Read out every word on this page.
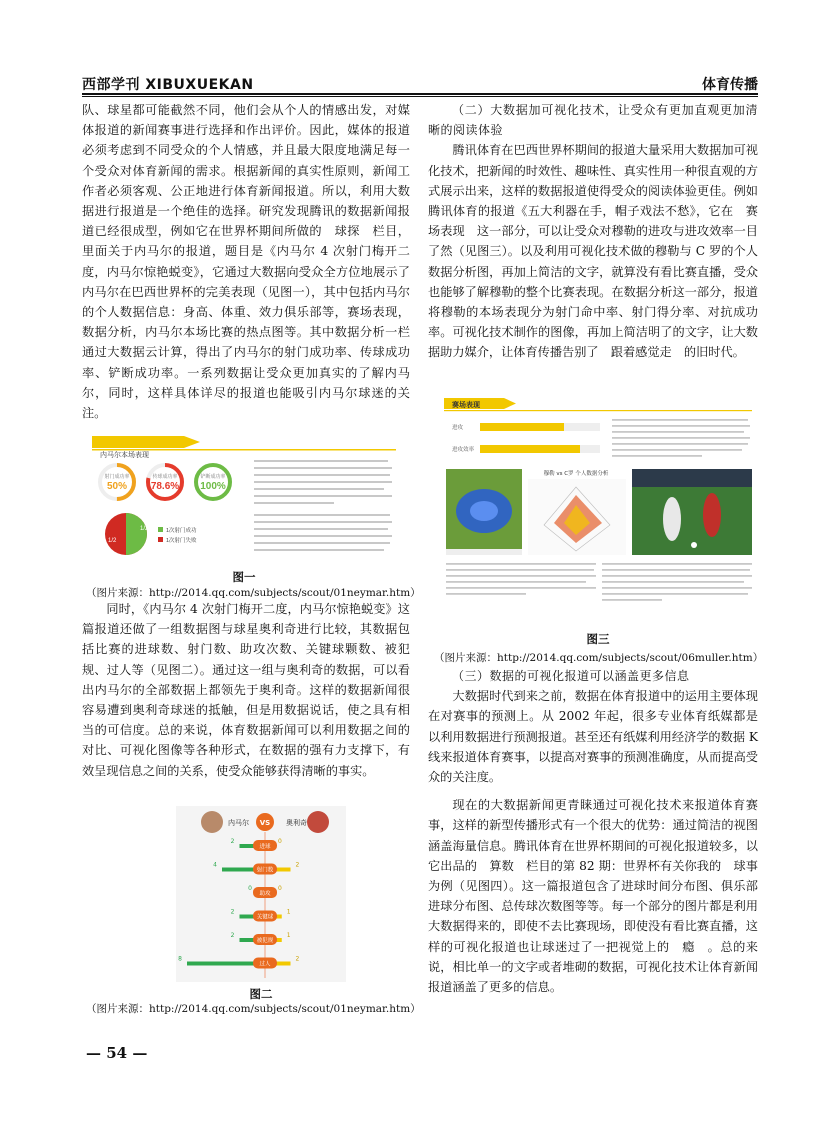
西部学刊 XIBUXUEKAN	体育传播

队、球星都可能截然不同，他们会从个人的情感出发，对媒体报道的新闻赛事进行选择和作出评价。因此，媒体的报道必须考虑到不同受众的个人情感，并且最大限度地满足每一个受众对体育新闻的需求。根据新闻的真实性原则，新闻工作者必须客观、公正地进行体育新闻报道。所以，利用大数据进行报道是一个绝佳的选择。研究发现腾讯的数据新闻报道已经很成型，例如它在世界杯期间所做的　球探　栏目，里面关于内马尔的报道，题目是《内马尔 4 次射门梅开二度，内马尔惊艳蜕变》，它通过大数据向受众全方位地展示了内马尔在巴西世界杯的完美表现（见图一），其中包括内马尔的个人数据信息：身高、体重、效力俱乐部等，赛场表现，数据分析，内马尔本场比赛的热点图等。其中数据分析一栏通过大数据云计算，得出了内马尔的射门成功率、传球成功率、铲断成功率。一系列数据让受众更加真实的了解内马尔，同时，这样具体详尽的报道也能吸引内马尔球迷的关注。

内马尔本场表现
射门成功率
50%
传球成功率
78.6%
铲断成功率
100%
1/2
1/2
1次射门成功
1次射门失败
图一
（图片来源：http://2014.qq.com/subjects/scout/01neymar.htm）

同时，《内马尔 4 次射门梅开二度，内马尔惊艳蜕变》这篇报道还做了一组数据图与球星奥利奇进行比较，其数据包括比赛的进球数、射门数、助攻次数、关键球颗数、被犯规、过人等（见图二）。通过这一组与奥利奇的数据，可以看出内马尔的全部数据上都领先于奥利奇。这样的数据新闻很容易遭到奥利奇球迷的抵触，但是用数据说话，使之具有相当的可信度。总的来说，体育数据新闻可以利用数据之间的对比、可视化图像等各种形式，在数据的强有力支撑下，有效呈现信息之间的关系，使受众能够获得清晰的事实。

内马尔	奥利奇
VS
2	0
进球
4	2
射门数
0	0
助攻
2	1
关键球
2	1
被犯规
8	2
过人
图二
（图片来源：http://2014.qq.com/subjects/scout/01neymar.htm）

（二）大数据加可视化技术，让受众有更加直观更加清晰的阅读体验

腾讯体育在巴西世界杯期间的报道大量采用大数据加可视化技术，把新闻的时效性、趣味性、真实性用一种很直观的方式展示出来，这样的数据报道使得受众的阅读体验更佳。例如腾讯体育的报道《五大利器在手，帽子戏法不愁》，它在　赛场表现　这一部分，可以让受众对穆勒的进攻与进攻效率一目了然（见图三）。以及利用可视化技术做的穆勒与 C 罗的个人数据分析图，再加上简洁的文字，就算没有看比赛直播，受众也能够了解穆勒的整个比赛表现。在数据分析这一部分，报道将穆勒的本场表现分为射门命中率、射门得分率、对抗成功率。可视化技术制作的图像，再加上简洁明了的文字，让大数据助力媒介，让体育传播告别了　跟着感觉走　的旧时代。

赛场表现
进攻
进攻效率
穆勒 vs C罗 个人数据分析
图三
（图片来源：http://2014.qq.com/subjects/scout/06muller.htm）

（三）数据的可视化报道可以涵盖更多信息

大数据时代到来之前，数据在体育报道中的运用主要体现在对赛事的预测上。从 2002 年起，很多专业体育纸媒都是以利用数据进行预测报道。甚至还有纸媒利用经济学的数据 K 线来报道体育赛事，以提高对赛事的预测准确度，从而提高受众的关注度。

现在的大数据新闻更青睐通过可视化技术来报道体育赛事，这样的新型传播形式有一个很大的优势：通过简洁的视图涵盖海量信息。腾讯体育在世界杯期间的可视化报道较多，以它出品的　算数　栏目的第 82 期：世界杯有关你我的　球事　为例（见图四）。这一篇报道包含了进球时间分布图、俱乐部进球分布图、总传球次数图等等。每一个部分的图片都是利用大数据得来的，即使不去比赛现场，即使没有看比赛直播，这样的可视化报道也让球迷过了一把视觉上的　瘾　。总的来说，相比单一的文字或者堆砌的数据，可视化技术让体育新闻报道涵盖了更多的信息。

— 54 —
